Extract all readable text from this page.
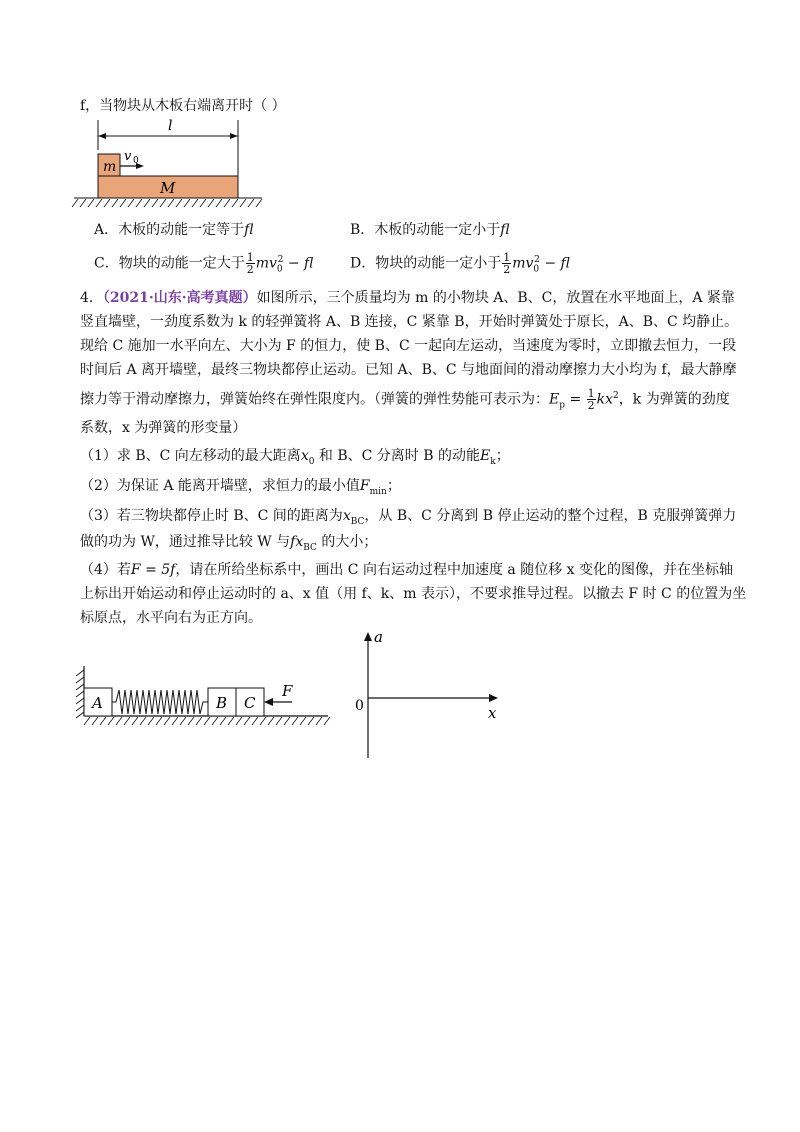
f，当物块从木板右端离开时（ ）
l
m
v 0
M
A．木板的动能一定等于fl	B．木板的动能一定小于fl
C．物块的动能一定大于 $\frac{1}{2} mv_0^2$ − fl	D．物块的动能一定小于 $\frac{1}{2} mv_0^2$ − fl
4．（2021·山东·高考真题）如图所示，三个质量均为 m 的小物块 A、B、C，放置在水平地面上，A 紧靠
竖直墙壁，一劲度系数为 k 的轻弹簧将 A、B 连接，C 紧靠 B，开始时弹簧处于原长，A、B、C 均静止。
现给 C 施加一水平向左、大小为 F 的恒力，使 B、C 一起向左运动，当速度为零时，立即撤去恒力，一段
时间后 A 离开墙壁，最终三物块都停止运动。已知 A、B、C 与地面间的滑动摩擦力大小均为 f，最大静摩
擦力等于滑动摩擦力，弹簧始终在弹性限度内。（弹簧的弹性势能可表示为：$E_p = \frac{1}{2} kx^2$，k 为弹簧的劲度
系数，x 为弹簧的形变量）
（1）求 B、C 向左移动的最大距离$x_0$ 和 B、C 分离时 B 的动能$E_k$；
（2）为保证 A 能离开墙壁，求恒力的最小值$F_{min}$；
（3）若三物块都停止时 B、C 间的距离为$x_{BC}$，从 B、C 分离到 B 停止运动的整个过程，B 克服弹簧弹力
做的功为 W，通过推导比较 W 与$fx_{BC}$ 的大小；
（4）若F = 5f，请在所给坐标系中，画出 C 向右运动过程中加速度 a 随位移 x 变化的图像，并在坐标轴
上标出开始运动和停止运动时的 a、x 值（用 f、k、m 表示），不要求推导过程。以撤去 F 时 C 的位置为坐
标原点，水平向右为正方向。
A	B C
F
a
x
0
